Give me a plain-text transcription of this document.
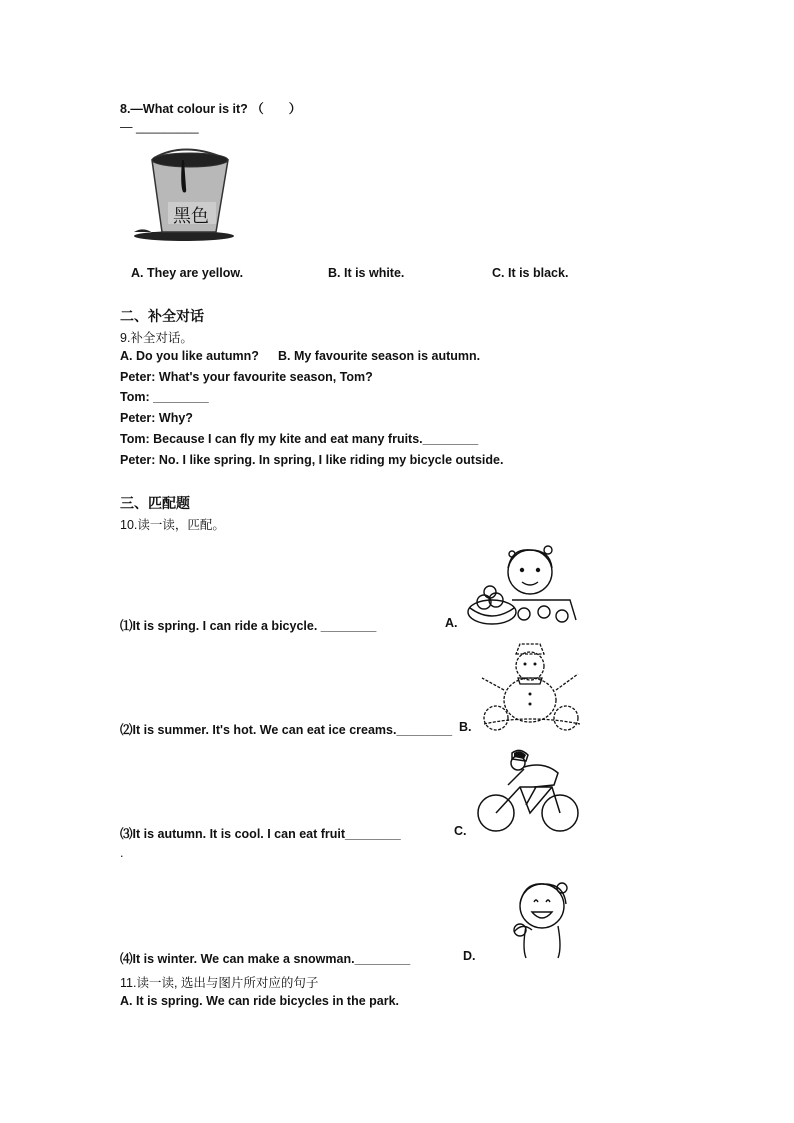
8.—What colour is it? （　　）
— _________
黑色
A. They are yellow.	B. It is white.	C. It is black.
二、补全对话
9.补全对话。
A. Do you like autumn? B. My favourite season is autumn.
Peter: What's your favourite season, Tom?
Tom: ________
Peter: Why?
Tom: Because I can fly my kite and eat many fruits.________
Peter: No. I like spring. In spring, I like riding my bicycle outside.
三、匹配题
10.读一读，匹配。
⑴It is spring. I can ride a bicycle. ________
⑵It is summer. It's hot. We can eat ice creams.________
⑶It is autumn. It is cool. I can eat fruit________
.
⑷It is winter. We can make a snowman.________
A.
B.
C.
D.
11.读一读, 选出与图片所对应的句子
A. It is spring. We can ride bicycles in the park.
